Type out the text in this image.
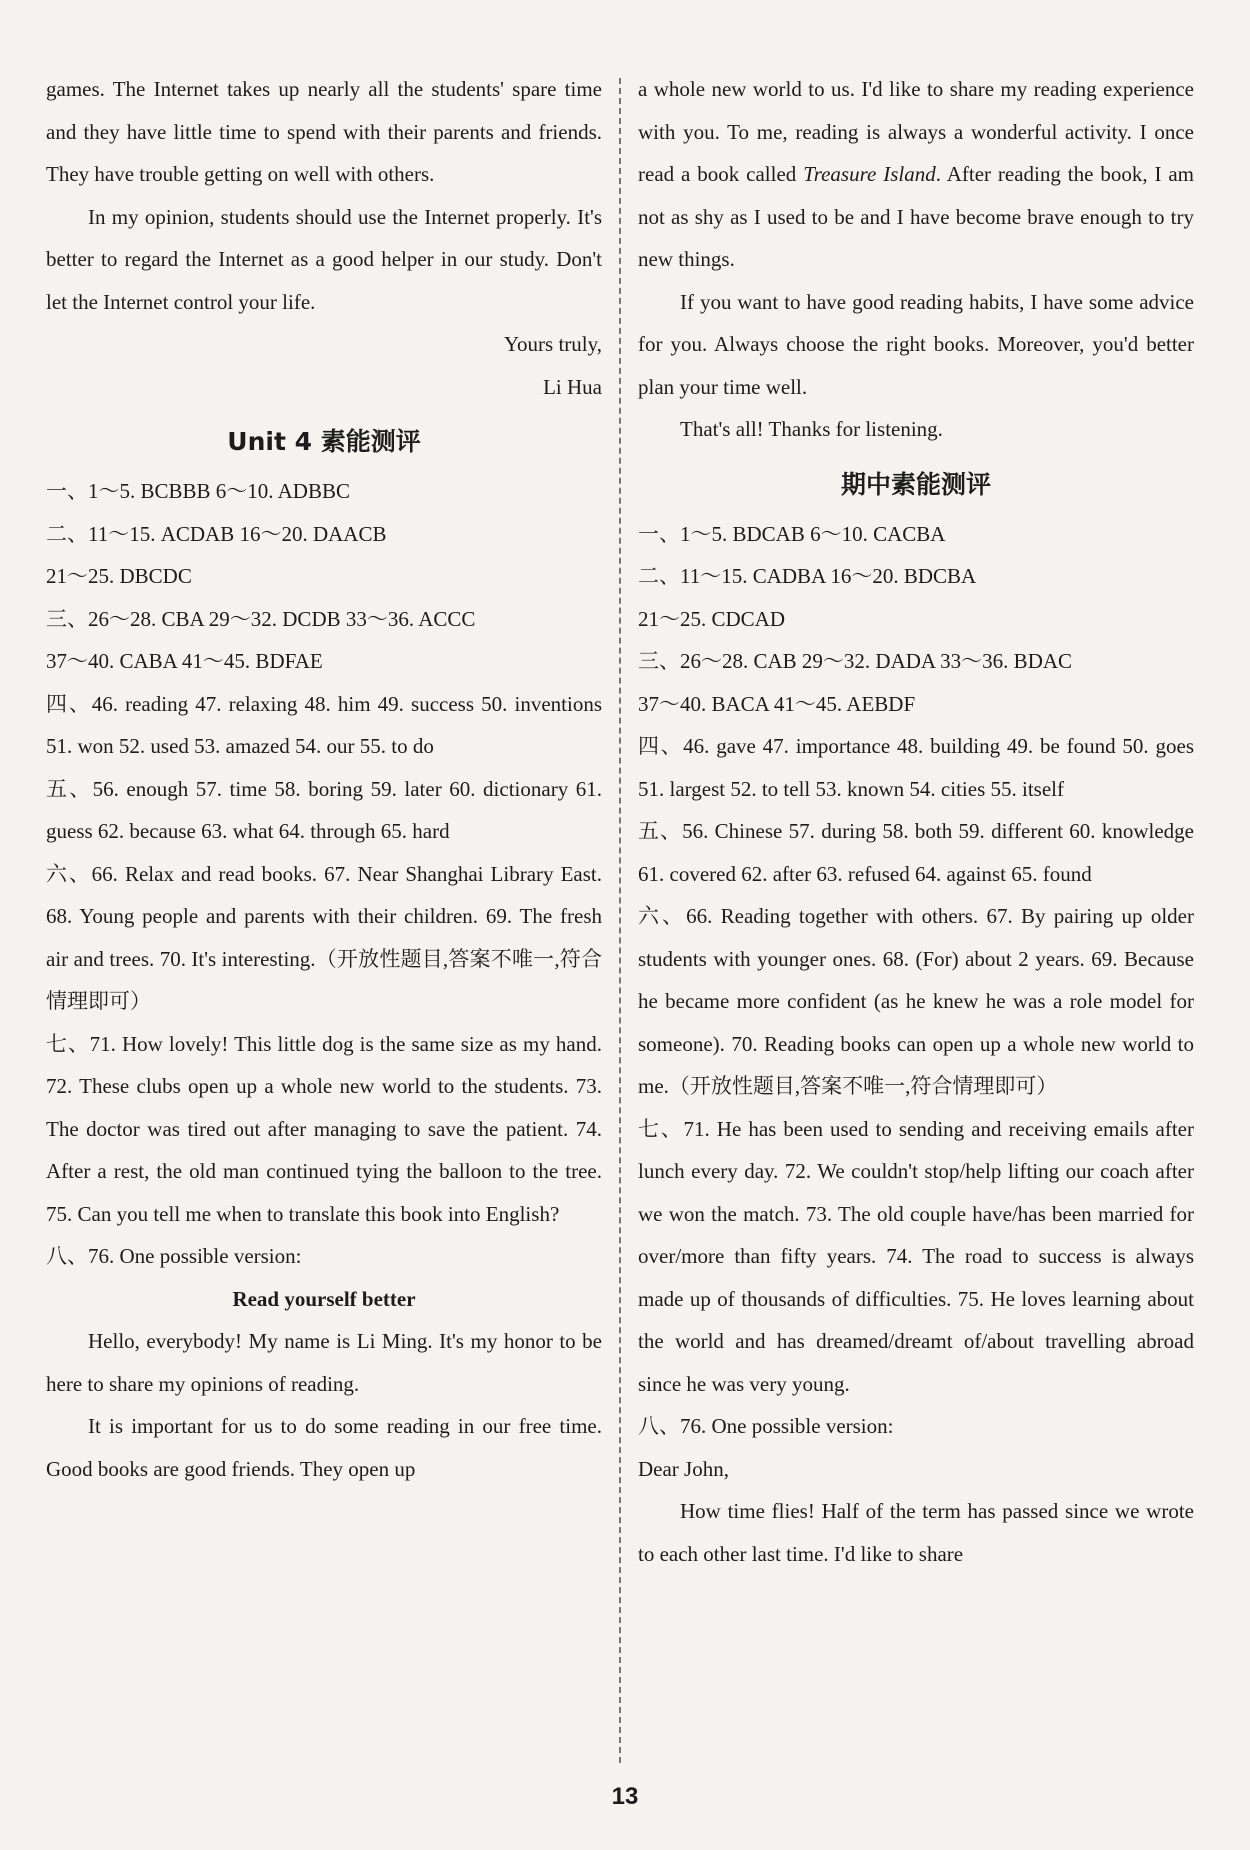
games. The Internet takes up nearly all the students' spare time and they have little time to spend with their parents and friends. They have trouble getting on well with others.

In my opinion, students should use the Internet properly. It's better to regard the Internet as a good helper in our study. Don't let the Internet control your life.

Yours truly,

Li Hua

Unit 4 素能测评

一、1～5. BCBBB 6～10. ADBBC

二、11～15. ACDAB 16～20. DAACB

21～25. DBCDC

三、26～28. CBA 29～32. DCDB 33～36. ACCC

37～40. CABA 41～45. BDFAE

四、46. reading 47. relaxing 48. him 49. success 50. inventions 51. won 52. used 53. amazed 54. our 55. to do

五、56. enough 57. time 58. boring 59. later 60. dictionary 61. guess 62. because 63. what 64. through 65. hard

六、66. Relax and read books. 67. Near Shanghai Library East. 68. Young people and parents with their children. 69. The fresh air and trees. 70. It's interesting.（开放性题目,答案不唯一,符合情理即可）

七、71. How lovely! This little dog is the same size as my hand. 72. These clubs open up a whole new world to the students. 73. The doctor was tired out after managing to save the patient. 74. After a rest, the old man continued tying the balloon to the tree. 75. Can you tell me when to translate this book into English?

八、76. One possible version:

Read yourself better

Hello, everybody! My name is Li Ming. It's my honor to be here to share my opinions of reading.

It is important for us to do some reading in our free time. Good books are good friends. They open up

a whole new world to us. I'd like to share my reading experience with you. To me, reading is always a wonderful activity. I once read a book called Treasure Island. After reading the book, I am not as shy as I used to be and I have become brave enough to try new things.

If you want to have good reading habits, I have some advice for you. Always choose the right books. Moreover, you'd better plan your time well.

That's all! Thanks for listening.

期中素能测评

一、1～5. BDCAB 6～10. CACBA

二、11～15. CADBA 16～20. BDCBA

21～25. CDCAD

三、26～28. CAB 29～32. DADA 33～36. BDAC

37～40. BACA 41～45. AEBDF

四、46. gave 47. importance 48. building 49. be found 50. goes 51. largest 52. to tell 53. known 54. cities 55. itself

五、56. Chinese 57. during 58. both 59. different 60. knowledge 61. covered 62. after 63. refused 64. against 65. found

六、66. Reading together with others. 67. By pairing up older students with younger ones. 68. (For) about 2 years. 69. Because he became more confident (as he knew he was a role model for someone). 70. Reading books can open up a whole new world to me.（开放性题目,答案不唯一,符合情理即可）

七、71. He has been used to sending and receiving emails after lunch every day. 72. We couldn't stop/help lifting our coach after we won the match. 73. The old couple have/has been married for over/more than fifty years. 74. The road to success is always made up of thousands of difficulties. 75. He loves learning about the world and has dreamed/dreamt of/about travelling abroad since he was very young.

八、76. One possible version:

Dear John,

How time flies! Half of the term has passed since we wrote to each other last time. I'd like to share

13
